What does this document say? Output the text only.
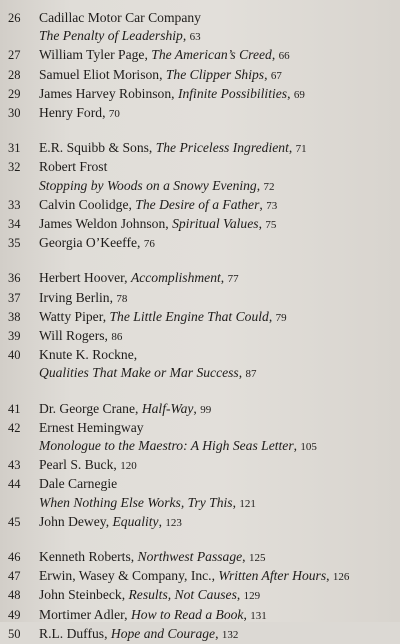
26	Cadillac Motor Car Company
The Penalty of Leadership, 63
27	William Tyler Page, The American’s Creed, 66
28	Samuel Eliot Morison, The Clipper Ships, 67
29	James Harvey Robinson, Infinite Possibilities, 69
30	Henry Ford, 70
31	E.R. Squibb & Sons, The Priceless Ingredient, 71
32	Robert Frost
Stopping by Woods on a Snowy Evening, 72
33	Calvin Coolidge, The Desire of a Father, 73
34	James Weldon Johnson, Spiritual Values, 75
35	Georgia O’Keeffe, 76
36	Herbert Hoover, Accomplishment, 77
37	Irving Berlin, 78
38	Watty Piper, The Little Engine That Could, 79
39	Will Rogers, 86
40	Knute K. Rockne,
Qualities That Make or Mar Success, 87
41	Dr. George Crane, Half-Way, 99
42	Ernest Hemingway
Monologue to the Maestro: A High Seas Letter, 105
43	Pearl S. Buck, 120
44	Dale Carnegie
When Nothing Else Works, Try This, 121
45	John Dewey, Equality, 123
46	Kenneth Roberts, Northwest Passage, 125
47	Erwin, Wasey & Company, Inc., Written After Hours, 126
48	John Steinbeck, Results, Not Causes, 129
49	Mortimer Adler, How to Read a Book, 131
50	R.L. Duffus, Hope and Courage, 132
